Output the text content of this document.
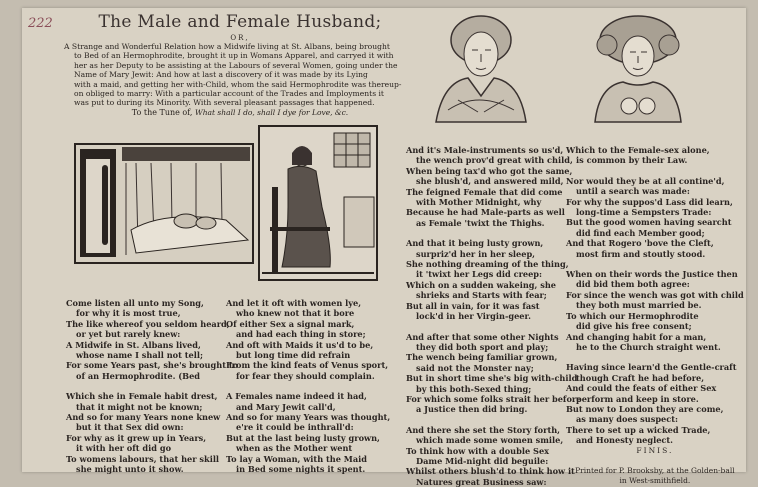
222	The Male and Female Husband;
OR,
A Strange and Wonderful Relation how a Midwife living at St. Albans, being brought
to Bed of an Hermophrodite, brought it up in Womans Apparel, and carryed it with
her as her Deputy to be assisting at the Labours of several Women, going under the
Name of Mary Jewit: And how at last a discovery of it was made by its Lying
with a maid, and getting her with-Child, whom the said Hermophrodite was thereup-
on obliged to marry: With a particular account of the Trades and Imployments it
was put to during its Minority. With several pleasant passages that happened.
To the Tune of, What shall I do, shall I dye for Love, &c.
Come listen all unto my Song,
for why it is most true,
The like whereof you seldom heard,
or yet but rarely knew:
A Midwife in St. Albans lived,
whose name I shall not tell;
For some Years past, she's brought to
of an Hermophrodite. (Bed
Which she in Female habit drest,
that it might not be known;
And so for many Years none knew
but it that Sex did own:
For why as it grew up in Years,
it with her oft did go
To womens labours, that her skill
she might unto it show.
And let it oft with women lye,
who knew not that it bore
Of either Sex a signal mark,
and had each thing in store;
And oft with Maids it us'd to be,
but long time did refrain
From the kind feats of Venus sport,
for fear they should complain.
A Females name indeed it had,
and Mary Jewit call'd,
And so for many Years was thought,
e're it could be inthrall'd:
But at the last being lusty grown,
when as the Mother went
To lay a Woman, with the Maid
in Bed some nights it spent.
And it's Male-instruments so us'd,
the wench prov'd great with child,
When being tax'd who got the same,
she blush'd, and answered mild,
The feigned Female that did come
with Mother Midnight, why
Because he had Male-parts as well
as Female 'twixt the Thighs.
And that it being lusty grown,
surpriz'd her in her sleep,
She nothing dreaming of the thing,
it 'twixt her Legs did creep:
Which on a sudden wakeing, she
shrieks and Starts with fear;
But all in vain, for it was fast
lock'd in her Virgin-geer.
And after that some other Nights
they did both sport and play;
The wench being familiar grown,
said not the Monster nay;
But in short time she's big with-child
by this both-Sexed thing;
For which some folks strait her before
a Justice then did bring.
And there she set the Story forth,
which made some women smile,
To think how with a double Sex
Dame Mid-night did beguile:
Whilst others blush'd to think how it
Natures great Business saw:
Which to the Female-sex alone,
is common by their Law.
Nor would they be at all contine'd,
until a search was made:
For why the suppos'd Lass did learn,
long-time a Sempsters Trade:
But the good women having searcht
did find each Member good;
And that Rogero 'bove the Cleft,
most firm and stoutly stood.
When on their words the Justice then
did bid them both agree:
For since the wench was got with child
they both must married be.
To which our Hermophrodite
did give his free consent;
And changing habit for a man,
he to the Church straight went.
Having since learn'd the Gentle-craft
though Craft he had before,
And could the feats of either Sex
perform and keep in store.
But now to London they are come,
as many does suspect:
There to set up a wicked Trade,
and Honesty neglect.
FINIS.
Printed for P. Brooksby, at the Golden-ball
in West-smithfield.
